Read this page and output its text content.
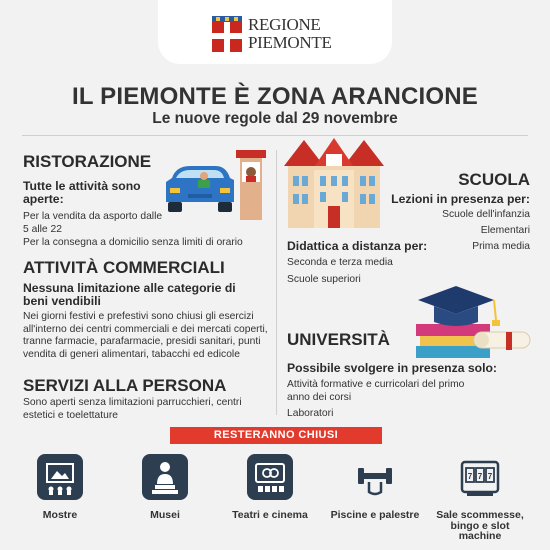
REGIONE
PIEMONTE
IL PIEMONTE È ZONA ARANCIONE
Le nuove regole dal 29 novembre
RISTORAZIONE
Tutte le attività sono aperte:
Per la vendita da asporto dalle 5 alle 22
Per la consegna a domicilio senza limiti di orario
ATTIVITÀ COMMERCIALI
Nessuna limitazione alle categorie di beni vendibili
Nei giorni festivi e prefestivi sono chiusi gli esercizi all'interno dei centri commerciali e dei mercati coperti, tranne farmacie, parafarmacie, presidi sanitari, punti vendita di generi alimentari, tabacchi ed edicole
SERVIZI ALLA PERSONA
Sono aperti senza limitazioni parrucchieri, centri estetici e toelettature
SCUOLA
Lezioni in presenza per:
Scuole dell'infanzia
Elementari
Prima media
Didattica a distanza per:
Seconda e terza media
Scuole superiori
UNIVERSITÀ
Possibile svolgere in presenza solo:
Attività formative e curricolari del primo anno dei corsi
Laboratori
RESTERANNO CHIUSI
Mostre	Musei	Teatri e cinema	Piscine e palestre
7 7 7
Sale scommesse, bingo e slot machine
